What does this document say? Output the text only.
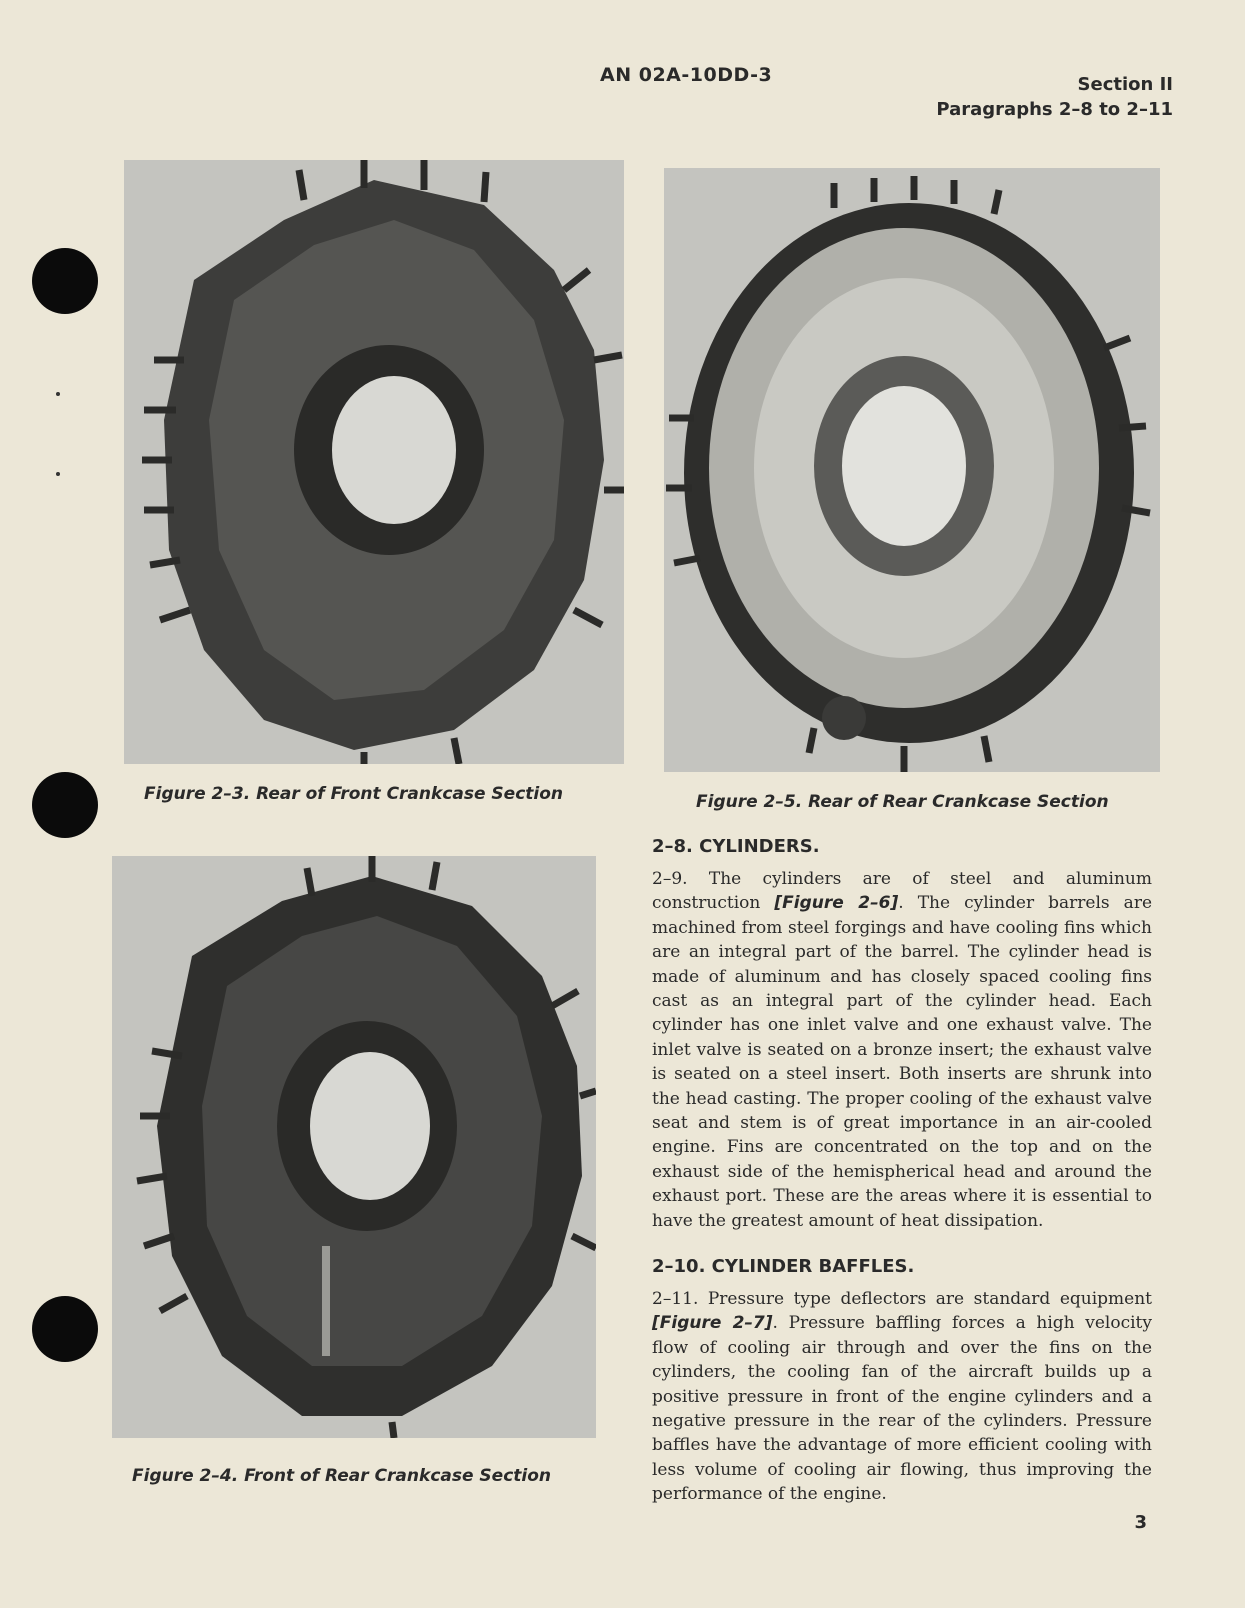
AN 02A-10DD-3	Section II
Paragraphs 2–8 to 2–11
Figure 2–3. Rear of Front Crankcase Section	Figure 2–5. Rear of Rear Crankcase Section
Figure 2–4. Front of Rear Crankcase Section
2–8. CYLINDERS.

2–9. The cylinders are of steel and aluminum construction [Figure 2–6]. The cylinder barrels are machined from steel forgings and have cooling fins which are an integral part of the barrel. The cylinder head is made of aluminum and has closely spaced cooling fins cast as an integral part of the cylinder head. Each cylinder has one inlet valve and one exhaust valve. The inlet valve is seated on a bronze insert; the exhaust valve is seated on a steel insert. Both inserts are shrunk into the head casting. The proper cooling of the exhaust valve seat and stem is of great importance in an air-cooled engine. Fins are concentrated on the top and on the exhaust side of the hemispherical head and around the exhaust port. These are the areas where it is essential to have the greatest amount of heat dissipation.

2–10. CYLINDER BAFFLES.

2–11. Pressure type deflectors are standard equipment [Figure 2–7]. Pressure baffling forces a high velocity flow of cooling air through and over the fins on the cylinders, the cooling fan of the aircraft builds up a positive pressure in front of the engine cylinders and a negative pressure in the rear of the cylinders. Pressure baffles have the advantage of more efficient cooling with less volume of cooling air flowing, thus improving the performance of the engine.

3
